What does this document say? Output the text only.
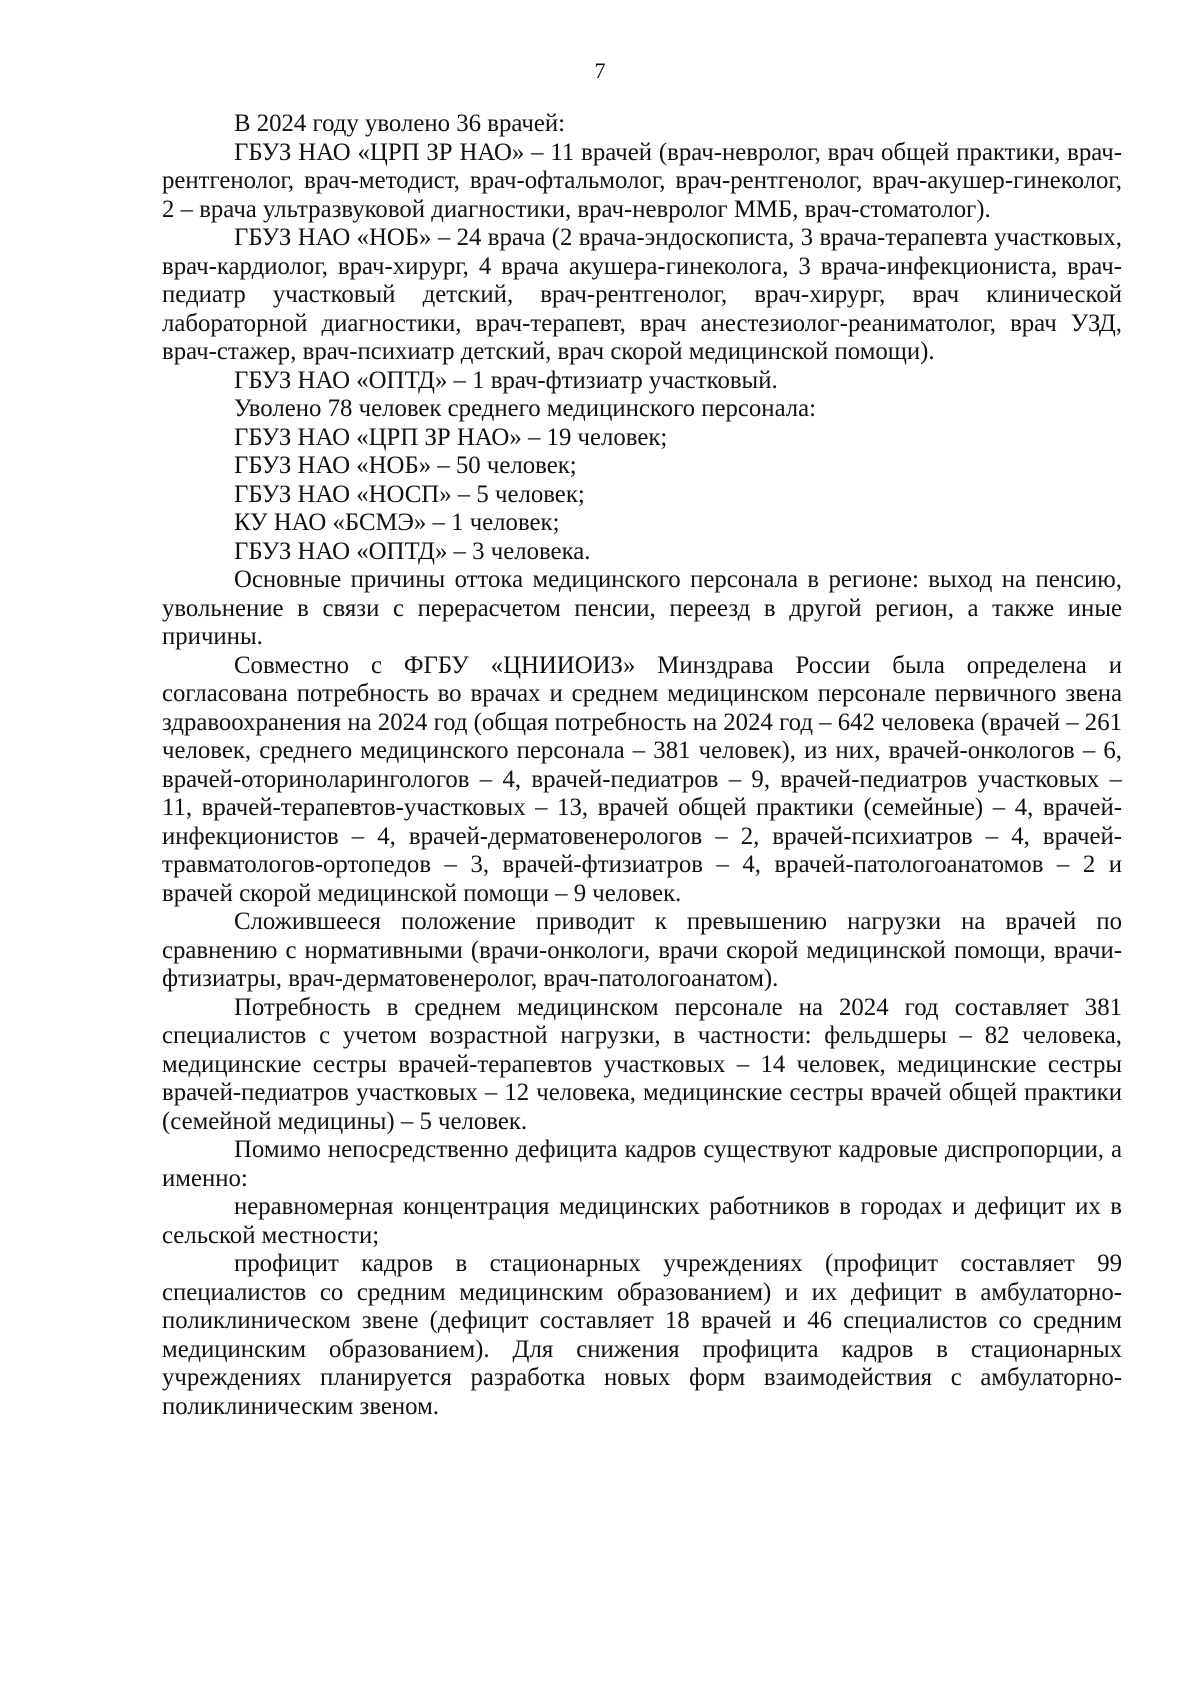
7

В 2024 году уволено 36 врачей:

ГБУЗ НАО «ЦРП ЗР НАО» – 11 врачей (врач-невролог, врач общей практики, врач-рентгенолог, врач-методист, врач-офтальмолог, врач-рентгенолог, врач-акушер-гинеколог, 2 – врача ультразвуковой диагностики, врач-невролог ММБ, врач-стоматолог).

ГБУЗ НАО «НОБ» – 24 врача (2 врача-эндоскописта, 3 врача-терапевта участковых, врач-кардиолог, врач-хирург, 4 врача акушера-гинеколога, 3 врача-инфекциониста, врач-педиатр участковый детский, врач-рентгенолог, врач-хирург, врач клинической лабораторной диагностики, врач-терапевт, врач анестезиолог-реаниматолог, врач УЗД, врач-стажер, врач-психиатр детский, врач скорой медицинской помощи).

ГБУЗ НАО «ОПТД» – 1 врач-фтизиатр участковый.

Уволено 78 человек среднего медицинского персонала:

ГБУЗ НАО «ЦРП ЗР НАО» – 19 человек;

ГБУЗ НАО «НОБ» – 50 человек;

ГБУЗ НАО «НОСП» – 5 человек;

КУ НАО «БСМЭ» – 1 человек;

ГБУЗ НАО «ОПТД» – 3 человека.

Основные причины оттока медицинского персонала в регионе: выход на пенсию, увольнение в связи с перерасчетом пенсии, переезд в другой регион, а также иные причины.

Совместно с ФГБУ «ЦНИИОИЗ» Минздрава России была определена и согласована потребность во врачах и среднем медицинском персонале первичного звена здравоохранения на 2024 год (общая потребность на 2024 год – 642 человека (врачей – 261 человек, среднего медицинского персонала – 381 человек), из них, врачей-онкологов – 6, врачей-оториноларингологов – 4, врачей-педиатров – 9, врачей-педиатров участковых – 11, врачей-терапевтов-участковых – 13, врачей общей практики (семейные) – 4, врачей-инфекционистов – 4, врачей-дерматовенерологов – 2, врачей-психиатров – 4, врачей-травматологов-ортопедов – 3, врачей-фтизиатров – 4, врачей-патологоанатомов – 2 и врачей скорой медицинской помощи – 9 человек.

Сложившееся положение приводит к превышению нагрузки на врачей по сравнению с нормативными (врачи-онкологи, врачи скорой медицинской помощи, врачи-фтизиатры, врач-дерматовенеролог, врач-патологоанатом).

Потребность в среднем медицинском персонале на 2024 год составляет 381 специалистов с учетом возрастной нагрузки, в частности: фельдшеры – 82 человека, медицинские сестры врачей-терапевтов участковых – 14 человек, медицинские сестры врачей-педиатров участковых – 12 человека, медицинские сестры врачей общей практики (семейной медицины) – 5 человек.

Помимо непосредственно дефицита кадров существуют кадровые диспропорции, а именно:

неравномерная концентрация медицинских работников в городах и дефицит их в сельской местности;

профицит кадров в стационарных учреждениях (профицит составляет 99 специалистов со средним медицинским образованием) и их дефицит в амбулаторно-поликлиническом звене (дефицит составляет 18 врачей и 46 специалистов со средним медицинским образованием). Для снижения профицита кадров в стационарных учреждениях планируется разработка новых форм взаимодействия с амбулаторно-поликлиническим звеном.
